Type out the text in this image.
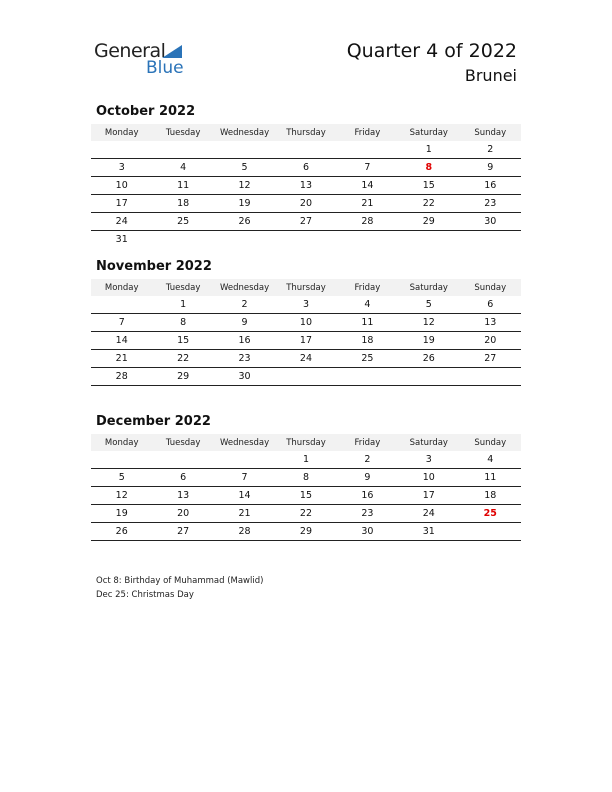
General
Blue
Quarter 4 of 2022
Brunei
October 2022
Monday	Tuesday	Wednesday	Thursday	Friday	Saturday	Sunday
					1	2
3	4	5	6	7	8	9
10	11	12	13	14	15	16
17	18	19	20	21	22	23
24	25	26	27	28	29	30
31						
November 2022
Monday	Tuesday	Wednesday	Thursday	Friday	Saturday	Sunday
	1	2	3	4	5	6
7	8	9	10	11	12	13
14	15	16	17	18	19	20
21	22	23	24	25	26	27
28	29	30				
December 2022
Monday	Tuesday	Wednesday	Thursday	Friday	Saturday	Sunday
			1	2	3	4
5	6	7	8	9	10	11
12	13	14	15	16	17	18
19	20	21	22	23	24	25
26	27	28	29	30	31	
Oct 8: Birthday of Muhammad (Mawlid)
Dec 25: Christmas Day
